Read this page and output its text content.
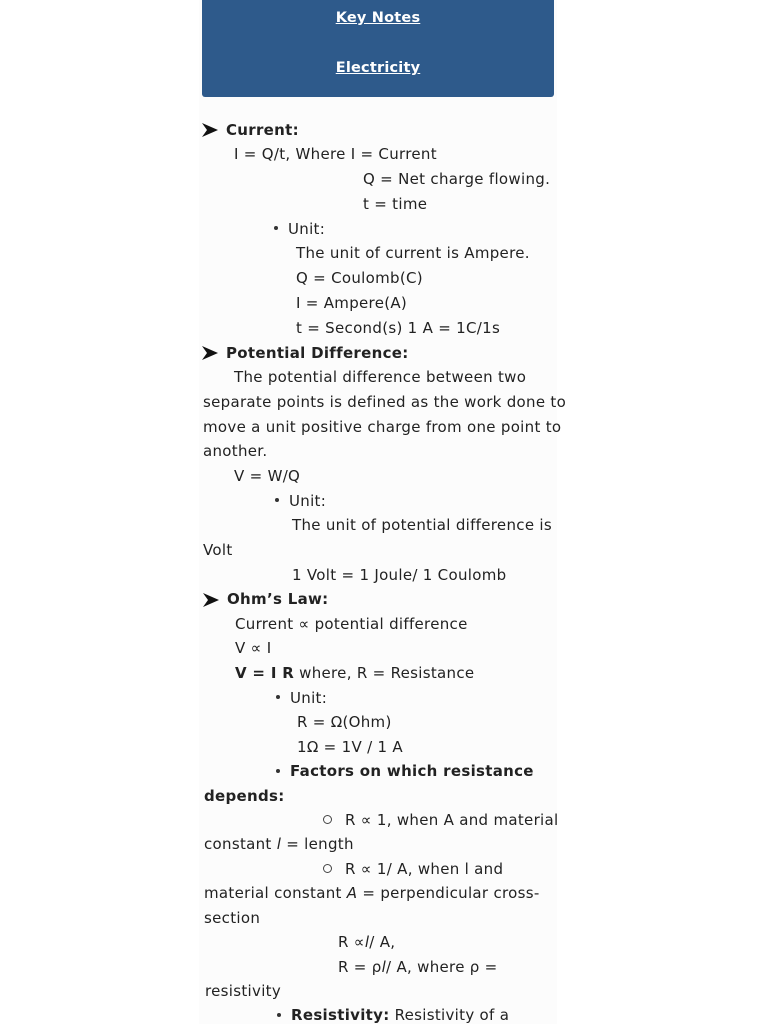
Key Notes
Electricity
Current:
I = Q/t, Where I = Current
Q = Net charge flowing.
t = time
Unit:
The unit of current is Ampere.
Q = Coulomb(C)
I = Ampere(A)
t = Second(s) 1 A = 1C/1s
Potential Difference:
The potential difference between two
separate points is defined as the work done to
move a unit positive charge from one point to
another.
V = W/Q
Unit:
The unit of potential difference is
Volt
1 Volt = 1 Joule/ 1 Coulomb
Ohm’s Law:
Current ∝ potential difference
V ∝ I
V = I R where, R = Resistance
Unit:
R = Ω(Ohm)
1Ω = 1V / 1 A
Factors on which resistance
depends:
R ∝ 1, when A and material
constant l = length
R ∝ 1/ A, when l and
material constant A = perpendicular cross-
section
R ∝l/ A,
R = ρl/ A, where ρ =
resistivity
Resistivity: Resistivity of a
